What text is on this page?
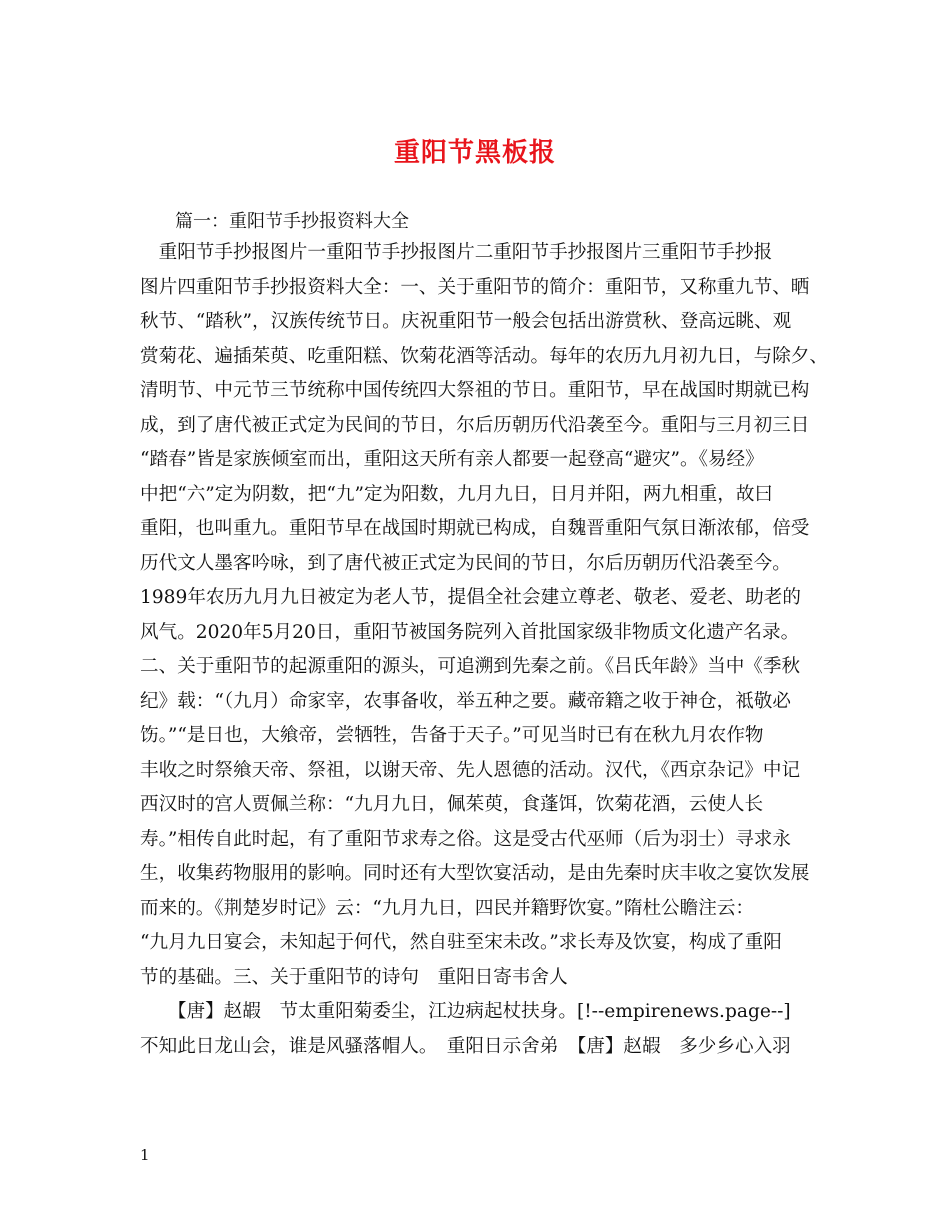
重阳节黑板报
篇一：重阳节手抄报资料大全

　重阳节手抄报图片一重阳节手抄报图片二重阳节手抄报图片三重阳节手抄报

图片四重阳节手抄报资料大全：一、关于重阳节的简介：重阳节，又称重九节、晒

秋节、“踏秋”，汉族传统节日。庆祝重阳节一般会包括出游赏秋、登高远眺、观

赏菊花、遍插茱萸、吃重阳糕、饮菊花酒等活动。每年的农历九月初九日，与除夕、

清明节、中元节三节统称中国传统四大祭祖的节日。重阳节，早在战国时期就已构

成，到了唐代被正式定为民间的节日，尔后历朝历代沿袭至今。重阳与三月初三日

“踏春”皆是家族倾室而出，重阳这天所有亲人都要一起登高“避灾”。《易经》

中把“六”定为阴数，把“九”定为阳数，九月九日，日月并阳，两九相重，故曰

重阳，也叫重九。重阳节早在战国时期就已构成，自魏晋重阳气氛日渐浓郁，倍受

历代文人墨客吟咏，到了唐代被正式定为民间的节日，尔后历朝历代沿袭至今。

1989年农历九月九日被定为老人节，提倡全社会建立尊老、敬老、爱老、助老的

风气。2020年5月20日，重阳节被国务院列入首批国家级非物质文化遗产名录。

二、关于重阳节的起源重阳的源头，可追溯到先秦之前。《吕氏年龄》当中《季秋

纪》载：“（九月）命家宰，农事备收，举五种之要。藏帝籍之收于神仓，祗敬必

饬。”“是日也，大飨帝，尝牺牲，告备于天子。”可见当时已有在秋九月农作物

丰收之时祭飨天帝、祭祖，以谢天帝、先人恩德的活动。汉代，《西京杂记》中记

西汉时的宫人贾佩兰称：“九月九日，佩茱萸，食蓬饵，饮菊花酒，云使人长

寿。”相传自此时起，有了重阳节求寿之俗。这是受古代巫师（后为羽士）寻求永

生，收集药物服用的影响。同时还有大型饮宴活动，是由先秦时庆丰收之宴饮发展

而来的。《荆楚岁时记》云：“九月九日，四民并籍野饮宴。”隋杜公瞻注云：

“九月九日宴会，未知起于何代，然自驻至宋未改。”求长寿及饮宴，构成了重阳

节的基础。三、关于重阳节的诗句　重阳日寄韦舍人

　　【唐】赵嘏　节太重阳菊委尘，江边病起杖扶身。[!--empirenews.page--]

不知此日龙山会，谁是风骚落帽人。　重阳日示舍弟　【唐】赵嘏　多少乡心入羽

1
